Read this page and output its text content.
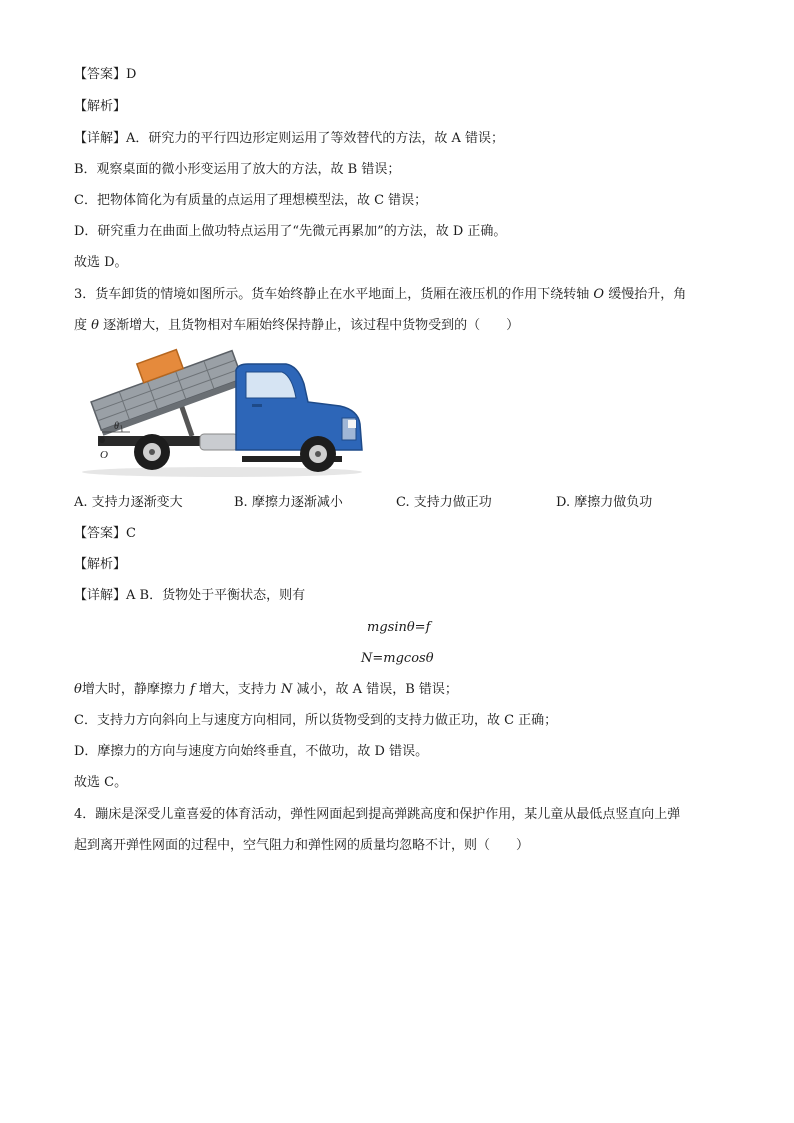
【答案】D
【解析】
【详解】A．研究力的平行四边形定则运用了等效替代的方法，故 A 错误；
B．观察桌面的微小形变运用了放大的方法，故 B 错误；
C．把物体简化为有质量的点运用了理想模型法，故 C 错误；
D．研究重力在曲面上做功特点运用了“先微元再累加”的方法，故 D 正确。
故选 D。
3．货车卸货的情境如图所示。货车始终静止在水平地面上，货厢在液压机的作用下绕转轴 O 缓慢抬升，角
度 θ 逐渐增大，且货物相对车厢始终保持静止，该过程中货物受到的（　　）
θ
O
A. 支持力逐渐变大	B. 摩擦力逐渐减小	C. 支持力做正功	D. 摩擦力做负功
【答案】C
【解析】
【详解】A B．货物处于平衡状态，则有
mgsinθ=f
N=mgcosθ
θ增大时，静摩擦力 f 增大，支持力 N 减小，故 A 错误，B 错误；
C．支持力方向斜向上与速度方向相同，所以货物受到的支持力做正功，故 C 正确；
D．摩擦力的方向与速度方向始终垂直，不做功，故 D 错误。
故选 C。
4．蹦床是深受儿童喜爱的体育活动，弹性网面起到提高弹跳高度和保护作用，某儿童从最低点竖直向上弹
起到离开弹性网面的过程中，空气阻力和弹性网的质量均忽略不计，则（　　）
